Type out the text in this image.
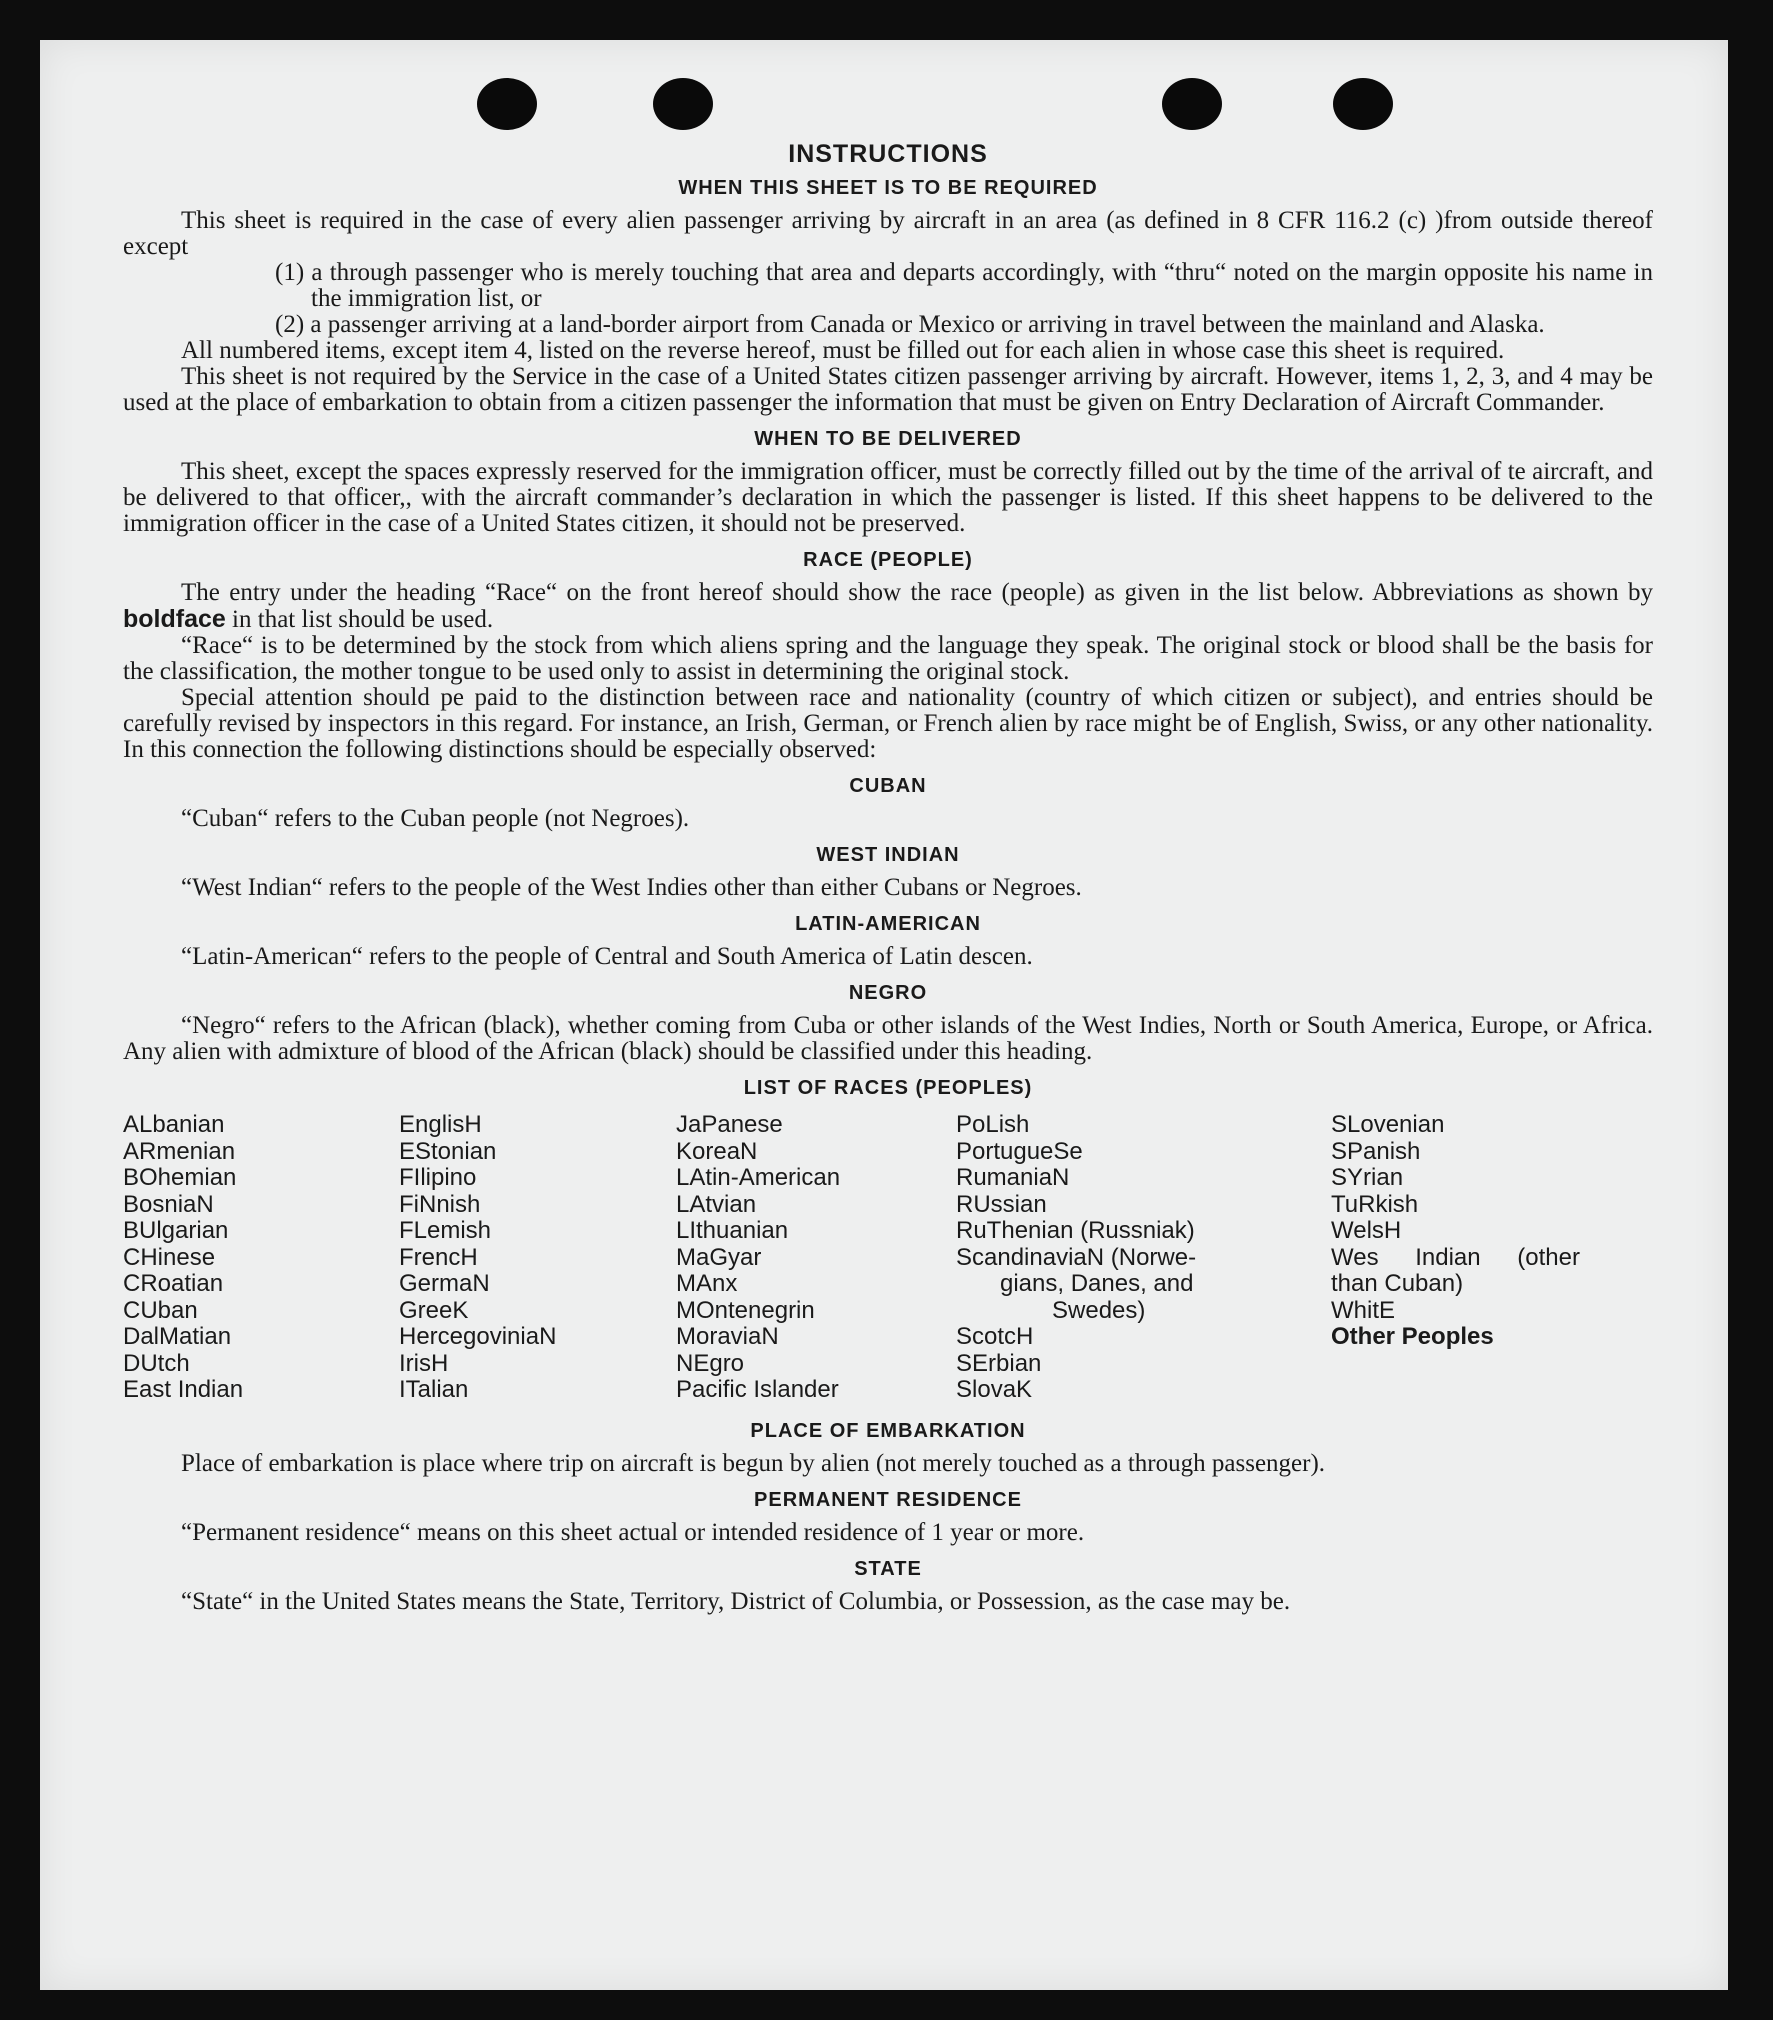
INSTRUCTIONS
WHEN THIS SHEET IS TO BE REQUIRED

This sheet is required in the case of every alien passenger arriving by aircraft in an area (as defined in 8 CFR 116.2 (c) )from outside thereof except

(1) a through passenger who is merely touching that area and departs accordingly, with “thru“ noted on the margin opposite his name in the immigration list, or

(2) a passenger arriving at a land-border airport from Canada or Mexico or arriving in travel between the mainland and Alaska.

All numbered items, except item 4, listed on the reverse hereof, must be filled out for each alien in whose case this sheet is required.

This sheet is not required by the Service in the case of a United States citizen passenger arriving by aircraft. However, items 1, 2, 3, and 4 may be used at the place of embarkation to obtain from a citizen passenger the information that must be given on Entry Declaration of Aircraft Commander.

WHEN TO BE DELIVERED

This sheet, except the spaces expressly reserved for the immigration officer, must be correctly filled out by the time of the arrival of te aircraft, and be delivered to that officer,, with the aircraft commander’s declaration in which the passenger is listed. If this sheet happens to be delivered to the immigration officer in the case of a United States citizen, it should not be preserved.

RACE (PEOPLE)

The entry under the heading “Race“ on the front hereof should show the race (people) as given in the list below. Abbreviations as shown by boldface in that list should be used.

“Race“ is to be determined by the stock from which aliens spring and the language they speak. The original stock or blood shall be the basis for the classification, the mother tongue to be used only to assist in determining the original stock.

Special attention should pe paid to the distinction between race and nationality (country of which citizen or subject), and entries should be carefully revised by inspectors in this regard. For instance, an Irish, German, or French alien by race might be of English, Swiss, or any other nationality. In this connection the following distinctions should be especially observed:

CUBAN

“Cuban“ refers to the Cuban people (not Negroes).

WEST INDIAN

“West Indian“ refers to the people of the West Indies other than either Cubans or Negroes.

LATIN-AMERICAN

“Latin-American“ refers to the people of Central and South America of Latin descen.

NEGRO

“Negro“ refers to the African (black), whether coming from Cuba or other islands of the West Indies, North or South America, Europe, or Africa. Any alien with admixture of blood of the African (black) should be classified under this heading.

LIST OF RACES (PEOPLES)
ALbanian
ARmenian
BOhemian
BosniaN
BUlgarian
CHinese
CRoatian
CUban
DalMatian
DUtch
East Indian
EnglisH
EStonian
FIlipino
FiNnish
FLemish
FrencH
GermaN
GreeK
HercegoviniaN
IrisH
ITalian
JaPanese
KoreaN
LAtin-American
LAtvian
LIthuanian
MaGyar
MAnx
MOntenegrin
MoraviaN
NEgro
Pacific Islander
PoLish
PortugueSe
RumaniaN
RUssian
RuThenian (Russniak)
ScandinaviaN (Norwe-
gians, Danes, and
Swedes)
ScotcH
SErbian
SlovaK
SLovenian
SPanish
SYrian
TuRkish
WelsH
Wes Indian (other
than Cuban)
WhitE
Other Peoples
PLACE OF EMBARKATION

Place of embarkation is place where trip on aircraft is begun by alien (not merely touched as a through passenger).

PERMANENT RESIDENCE

“Permanent residence“ means on this sheet actual or intended residence of 1 year or more.

STATE

“State“ in the United States means the State, Territory, District of Columbia, or Possession, as the case may be.
